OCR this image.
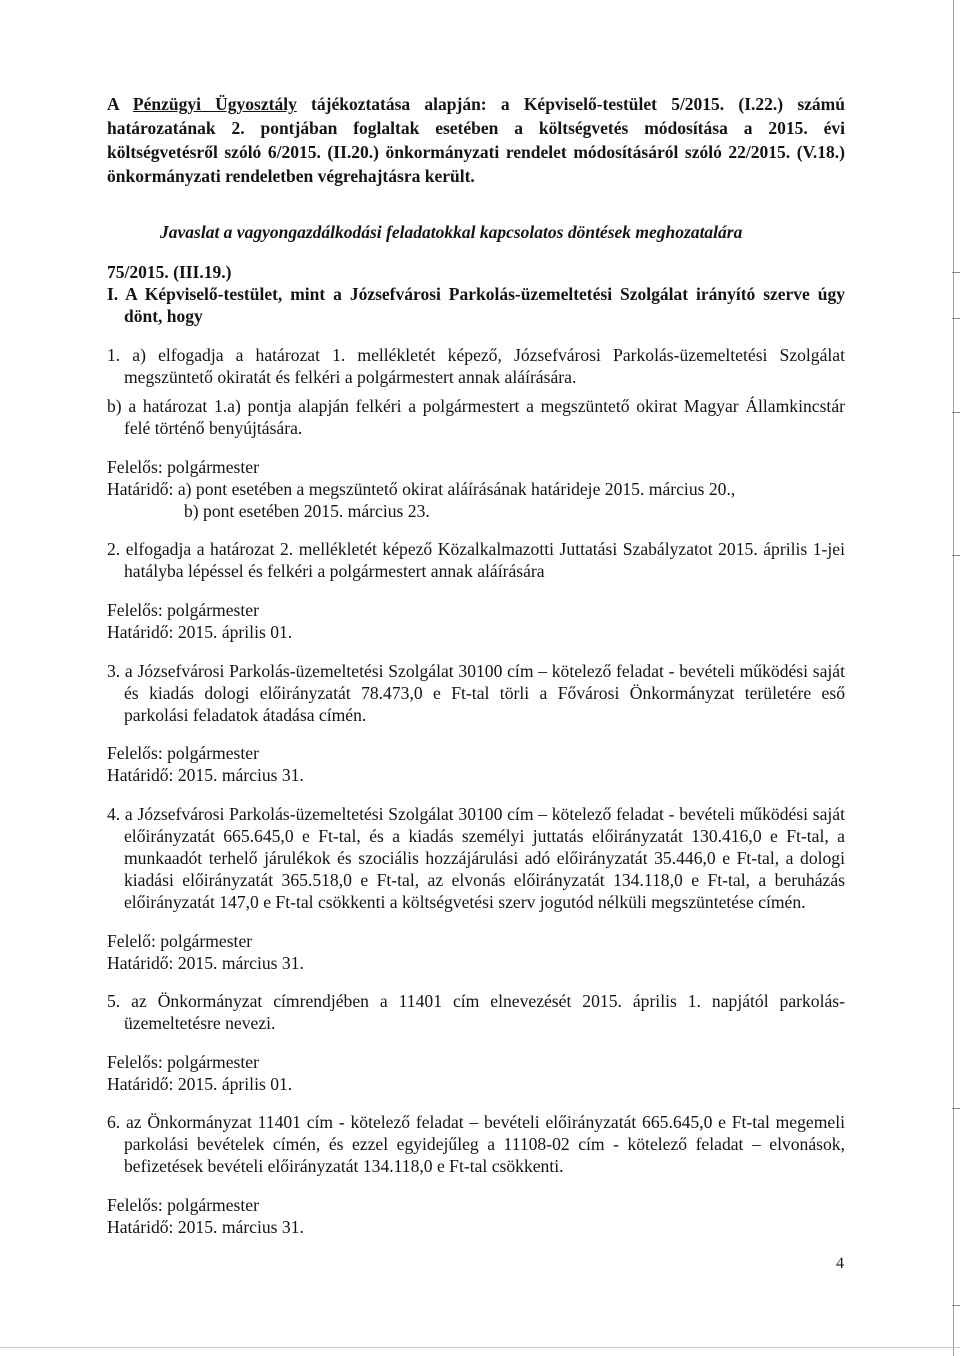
A Pénzügyi Ügyosztály tájékoztatása alapján: a Képviselő-testület 5/2015. (I.22.) számú
határozatának 2. pontjában foglaltak esetében a költségvetés módosítása a 2015. évi
költségvetésről szóló 6/2015. (II.20.) önkormányzati rendelet módosításáról szóló 22/2015. (V.18.)
önkormányzati rendeletben végrehajtásra került.
Javaslat a vagyongazdálkodási feladatokkal kapcsolatos döntések meghozatalára
75/2015. (III.19.)
I. A Képviselő-testület, mint a Józsefvárosi Parkolás-üzemeltetési Szolgálat irányító szerve úgy
dönt, hogy
1. a) elfogadja a határozat 1. mellékletét képező, Józsefvárosi Parkolás-üzemeltetési Szolgálat
megszüntető okiratát és felkéri a polgármestert annak aláírására.
b) a határozat 1.a) pontja alapján felkéri a polgármestert a megszüntető okirat Magyar Államkincstár
felé történő benyújtására.
Felelős: polgármester
Határidő: a) pont esetében a megszüntető okirat aláírásának határideje 2015. március 20.,
b) pont esetében 2015. március 23.
2. elfogadja a határozat 2. mellékletét képező Közalkalmazotti Juttatási Szabályzatot 2015. április 1-jei
hatályba lépéssel és felkéri a polgármestert annak aláírására
Felelős: polgármester
Határidő: 2015. április 01.
3. a Józsefvárosi Parkolás-üzemeltetési Szolgálat 30100 cím – kötelező feladat - bevételi működési saját
és kiadás dologi előirányzatát 78.473,0 e Ft-tal törli a Fővárosi Önkormányzat területére eső
parkolási feladatok átadása címén.
Felelős: polgármester
Határidő: 2015. március 31.
4. a Józsefvárosi Parkolás-üzemeltetési Szolgálat 30100 cím – kötelező feladat - bevételi működési saját
előirányzatát 665.645,0 e Ft-tal, és a kiadás személyi juttatás előirányzatát 130.416,0 e Ft-tal, a
munkaadót terhelő járulékok és szociális hozzájárulási adó előirányzatát 35.446,0 e Ft-tal, a dologi
kiadási előirányzatát 365.518,0 e Ft-tal, az elvonás előirányzatát 134.118,0 e Ft-tal, a beruházás
előirányzatát 147,0 e Ft-tal csökkenti a költségvetési szerv jogutód nélküli megszüntetése címén.
Felelő: polgármester
Határidő: 2015. március 31.
5. az Önkormányzat címrendjében a 11401 cím elnevezését 2015. április 1. napjától parkolás-
üzemeltetésre nevezi.
Felelős: polgármester
Határidő: 2015. április 01.
6. az Önkormányzat 11401 cím - kötelező feladat – bevételi előirányzatát 665.645,0 e Ft-tal megemeli
parkolási bevételek címén, és ezzel egyidejűleg a 11108-02 cím - kötelező feladat – elvonások,
befizetések bevételi előirányzatát 134.118,0 e Ft-tal csökkenti.
Felelős: polgármester
Határidő: 2015. március 31.
4
